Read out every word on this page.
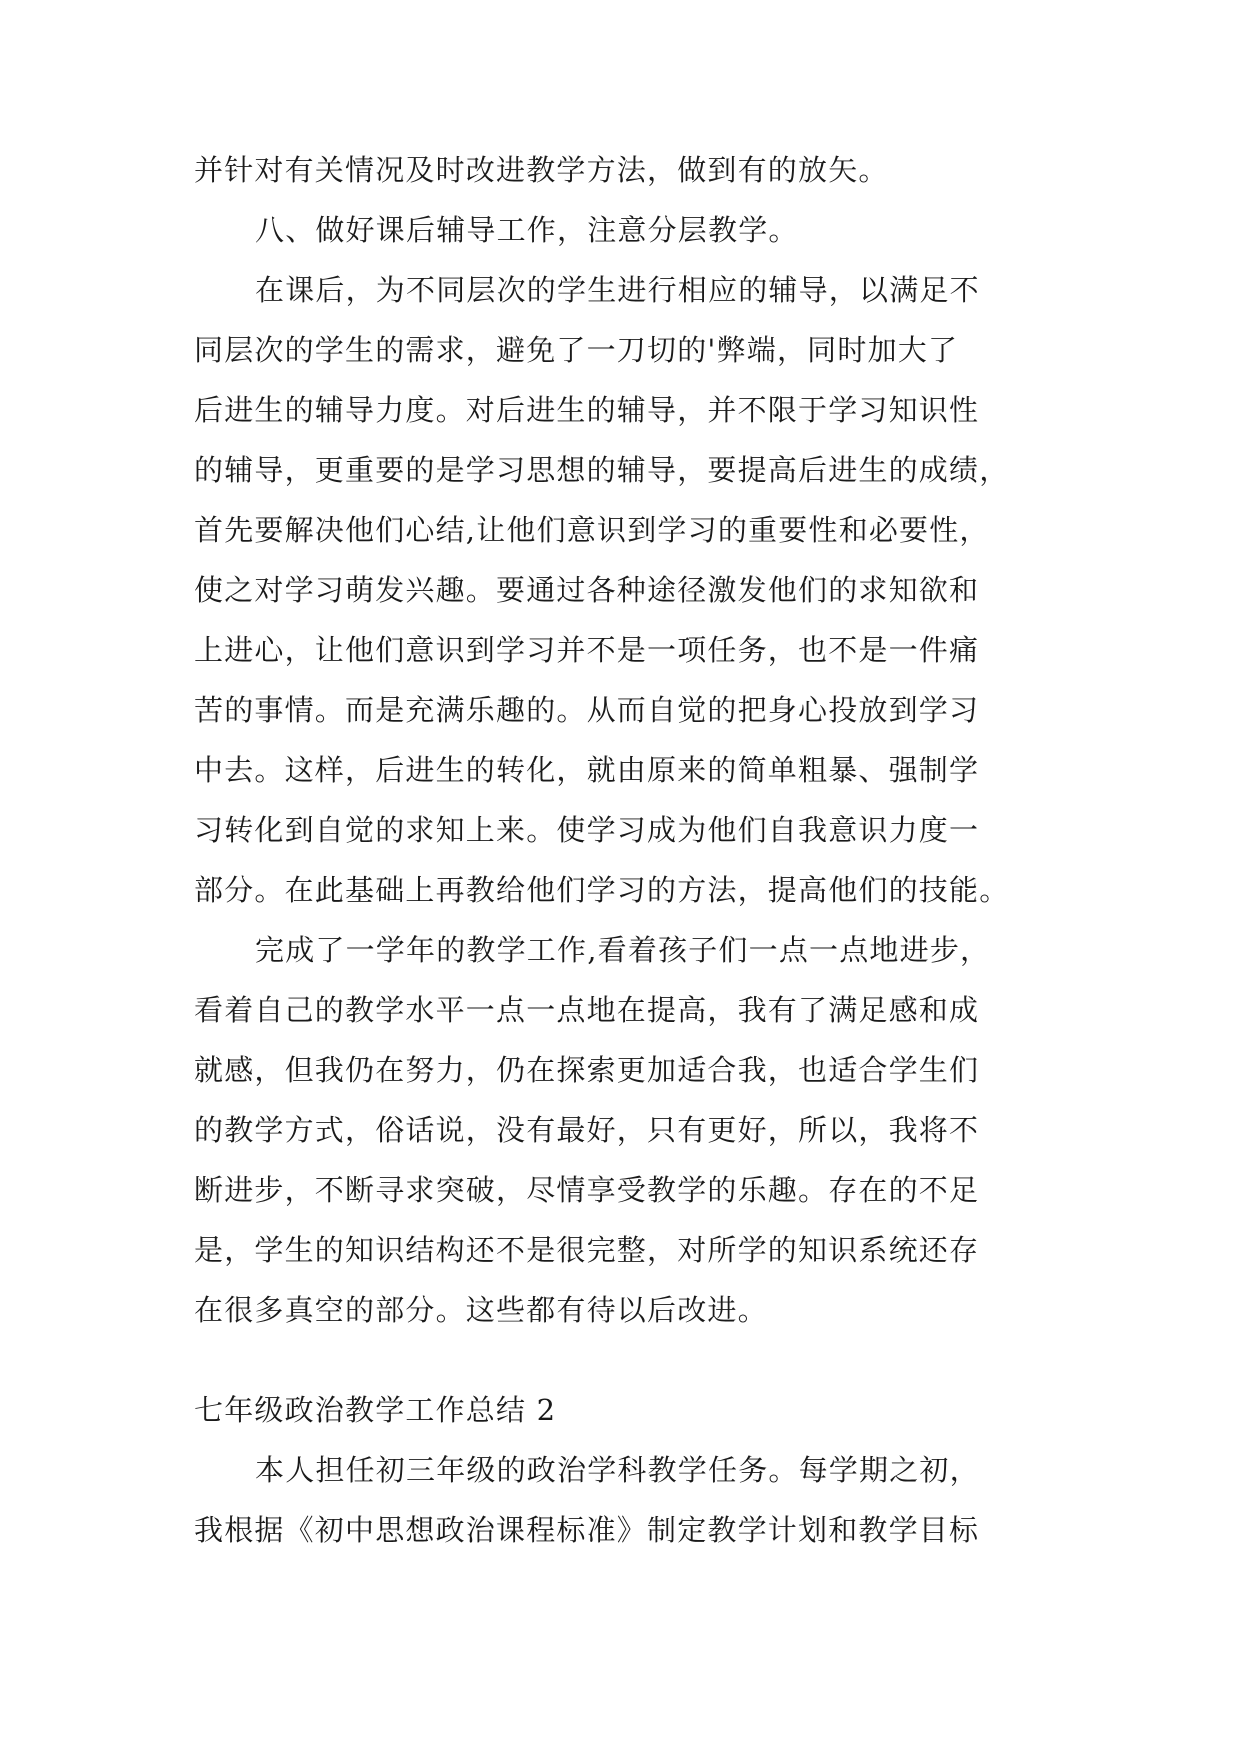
并针对有关情况及时改进教学方法，做到有的放矢。
八、做好课后辅导工作，注意分层教学。
在课后，为不同层次的学生进行相应的辅导，以满足不
同层次的学生的需求，避免了一刀切的'弊端，同时加大了
后进生的辅导力度。对后进生的辅导，并不限于学习知识性
的辅导，更重要的是学习思想的辅导，要提高后进生的成绩，
首先要解决他们心结,让他们意识到学习的重要性和必要性，
使之对学习萌发兴趣。要通过各种途径激发他们的求知欲和
上进心，让他们意识到学习并不是一项任务，也不是一件痛
苦的事情。而是充满乐趣的。从而自觉的把身心投放到学习
中去。这样，后进生的转化，就由原来的简单粗暴、强制学
习转化到自觉的求知上来。使学习成为他们自我意识力度一
部分。在此基础上再教给他们学习的方法，提高他们的技能。
完成了一学年的教学工作,看着孩子们一点一点地进步，
看着自己的教学水平一点一点地在提高，我有了满足感和成
就感，但我仍在努力，仍在探索更加适合我，也适合学生们
的教学方式，俗话说，没有最好，只有更好，所以，我将不
断进步，不断寻求突破，尽情享受教学的乐趣。存在的不足
是，学生的知识结构还不是很完整，对所学的知识系统还存
在很多真空的部分。这些都有待以后改进。
七年级政治教学工作总结 2
本人担任初三年级的政治学科教学任务。每学期之初，
我根据《初中思想政治课程标准》制定教学计划和教学目标
